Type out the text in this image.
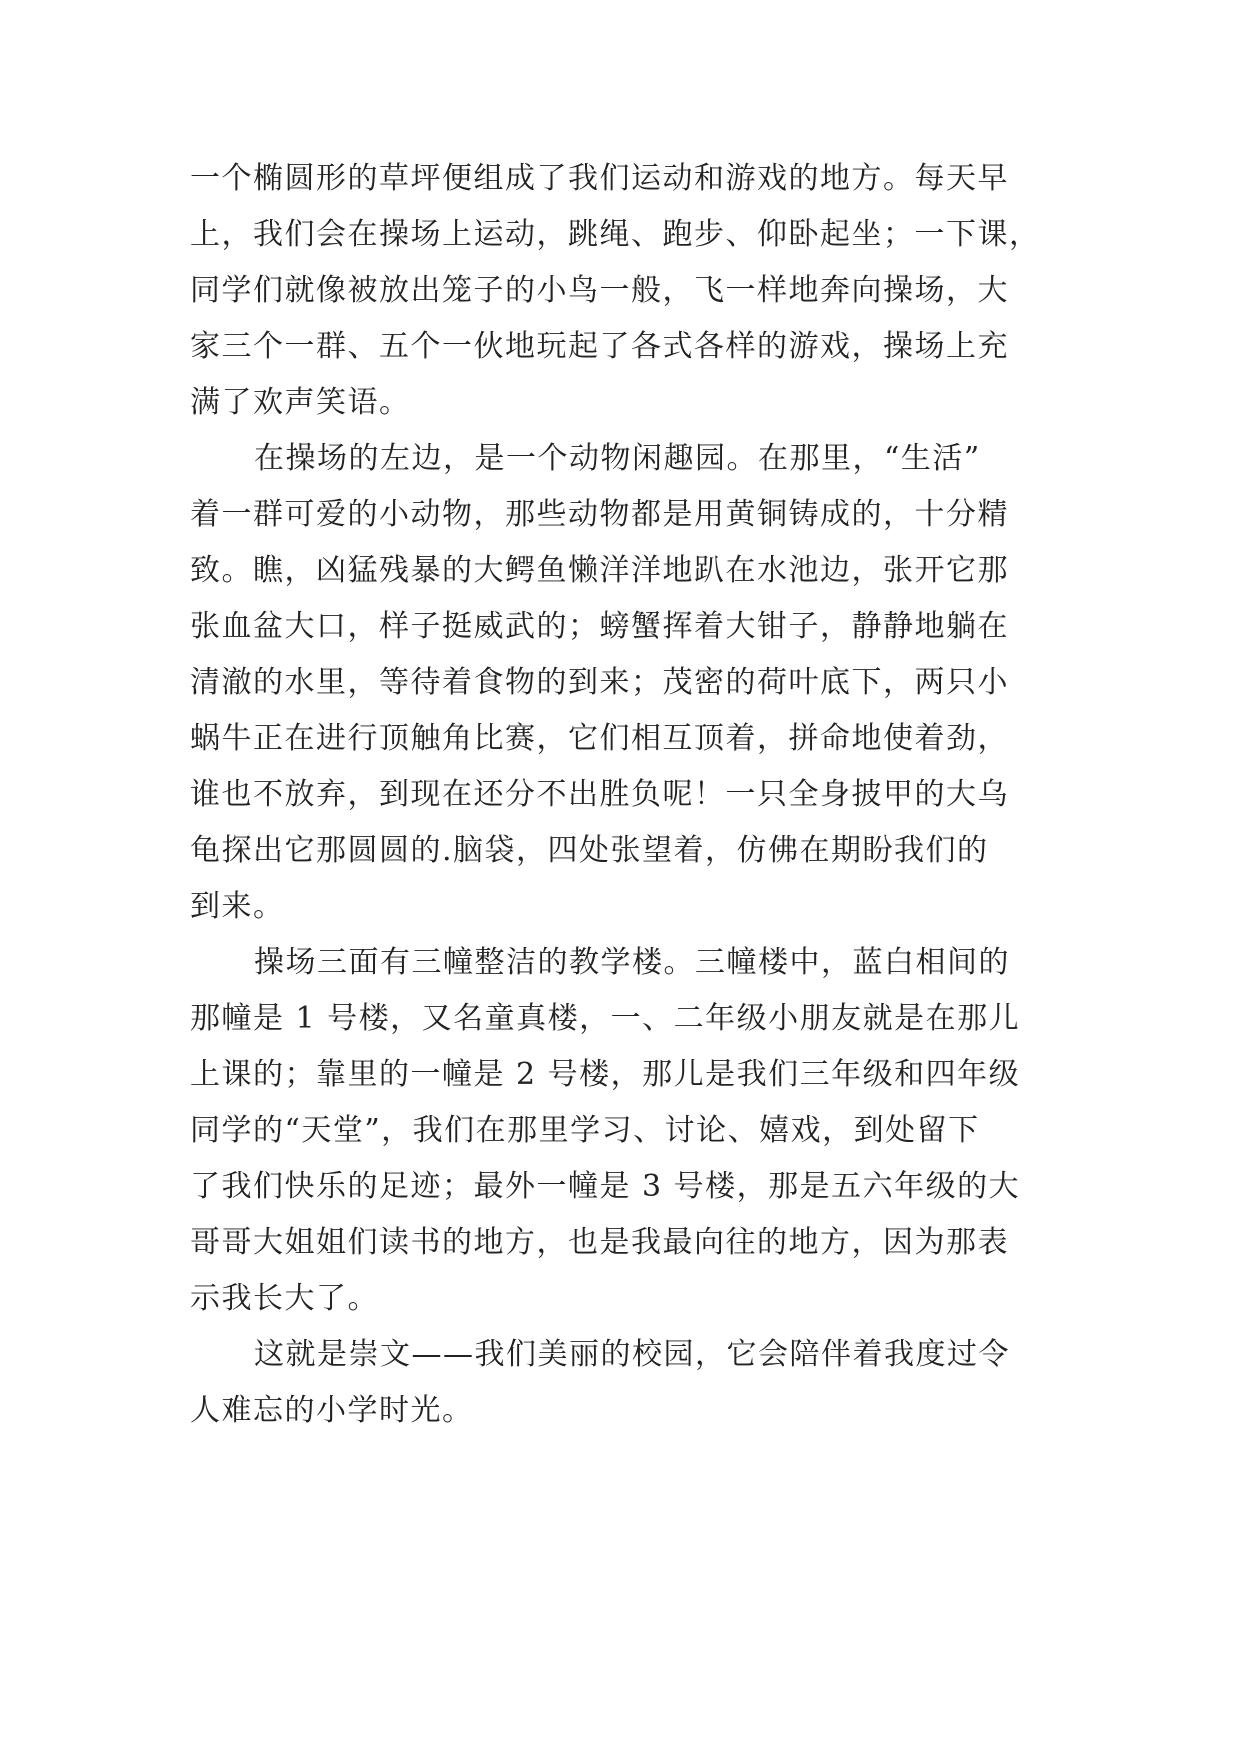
一个椭圆形的草坪便组成了我们运动和游戏的地方。每天早
上，我们会在操场上运动，跳绳、跑步、仰卧起坐；一下课，
同学们就像被放出笼子的小鸟一般，飞一样地奔向操场，大
家三个一群、五个一伙地玩起了各式各样的游戏，操场上充
满了欢声笑语。
在操场的左边，是一个动物闲趣园。在那里，“生活”
着一群可爱的小动物，那些动物都是用黄铜铸成的，十分精
致。瞧，凶猛残暴的大鳄鱼懒洋洋地趴在水池边，张开它那
张血盆大口，样子挺威武的；螃蟹挥着大钳子，静静地躺在
清澈的水里，等待着食物的到来；茂密的荷叶底下，两只小
蜗牛正在进行顶触角比赛，它们相互顶着，拼命地使着劲，
谁也不放弃，到现在还分不出胜负呢！一只全身披甲的大乌
龟探出它那圆圆的.脑袋，四处张望着，仿佛在期盼我们的
到来。
操场三面有三幢整洁的教学楼。三幢楼中，蓝白相间的
那幢是 1 号楼，又名童真楼，一、二年级小朋友就是在那儿
上课的；靠里的一幢是 2 号楼，那儿是我们三年级和四年级
同学的“天堂”，我们在那里学习、讨论、嬉戏，到处留下
了我们快乐的足迹；最外一幢是 3 号楼，那是五六年级的大
哥哥大姐姐们读书的地方，也是我最向往的地方，因为那表
示我长大了。
这就是崇文——我们美丽的校园，它会陪伴着我度过令
人难忘的小学时光。
